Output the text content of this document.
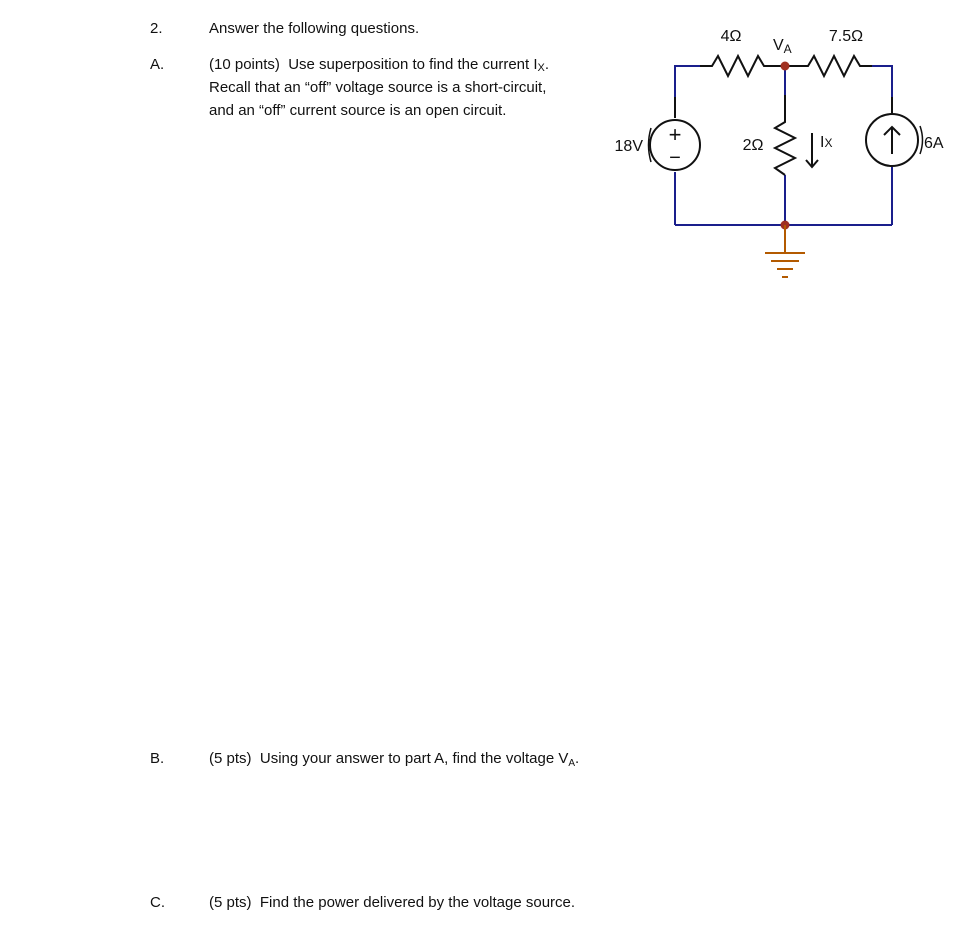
2.	Answer the following questions.
A.	(10 points) Use superposition to find the current IX.
Recall that an “off” voltage source is a short-circuit,
and an “off” current source is an open circuit.
B.	(5 pts) Using your answer to part A, find the voltage $V_A$.
C.	(5 pts) Find the power delivered by the voltage source.
+
−
4Ω	7.5Ω
2Ω
VA
18V	6A
IX
